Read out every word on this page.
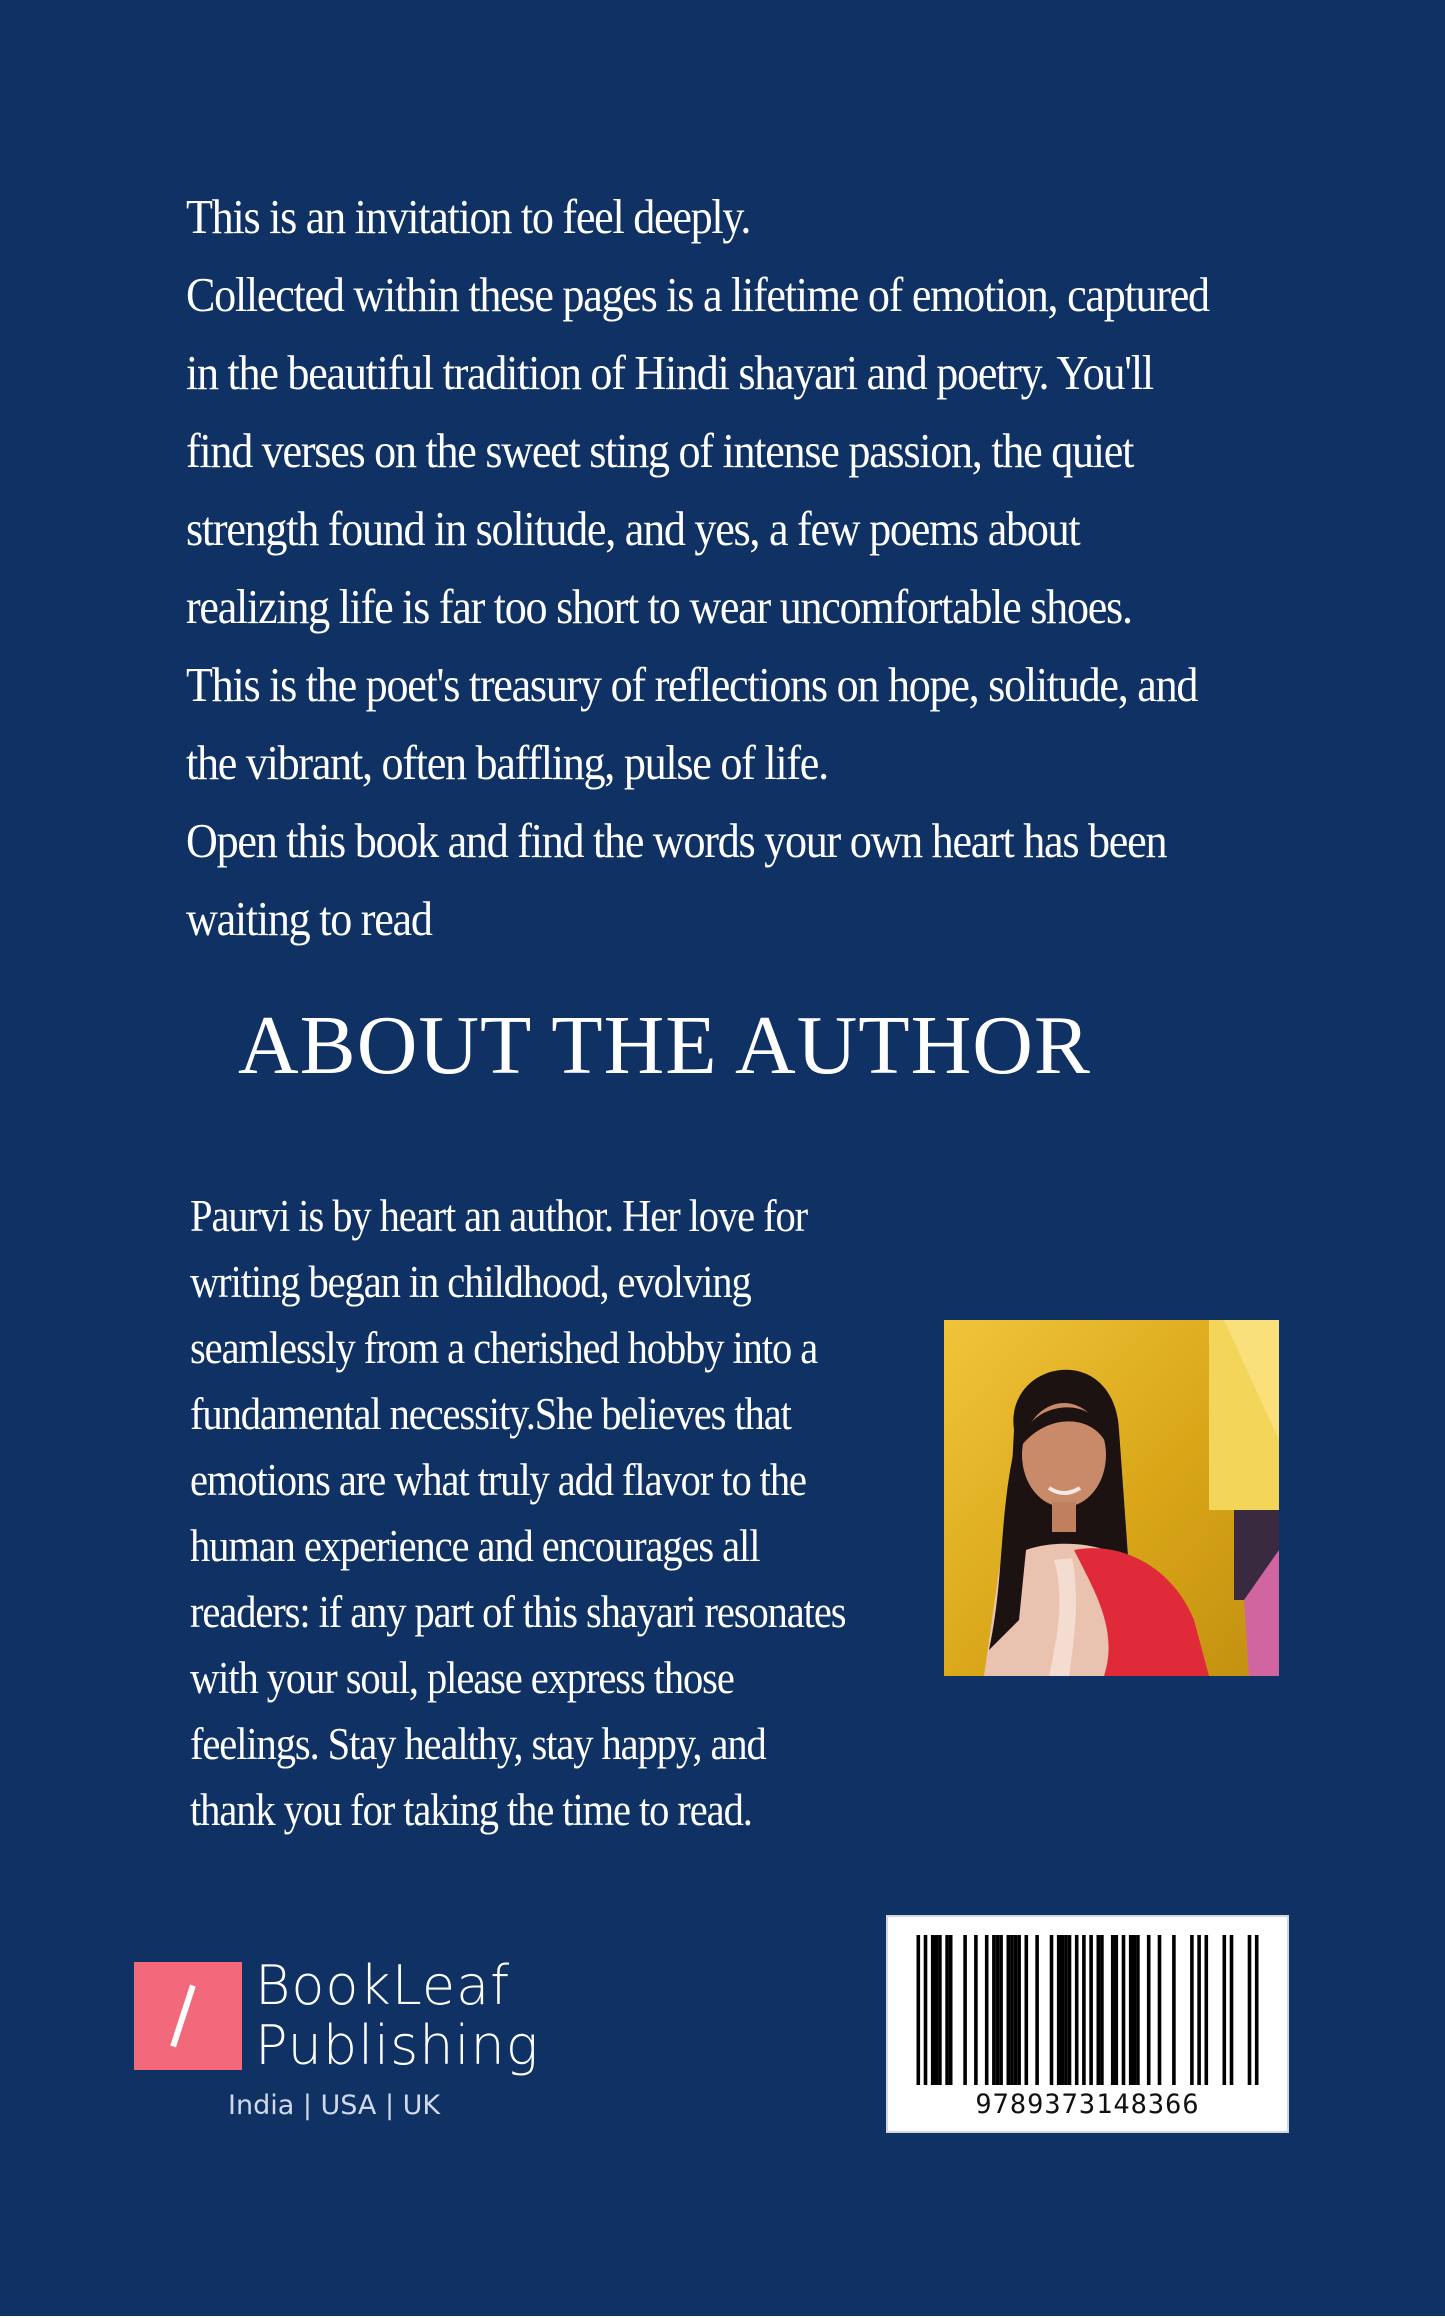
This is an invitation to feel deeply.

Collected within these pages is a lifetime of emotion, captured

in the beautiful tradition of Hindi shayari and poetry. You'll

find verses on the sweet sting of intense passion, the quiet

strength found in solitude, and yes, a few poems about

realizing life is far too short to wear uncomfortable shoes.

This is the poet's treasury of reflections on hope, solitude, and

the vibrant, often baffling, pulse of life.

Open this book and find the words your own heart has been

waiting to read

ABOUT THE AUTHOR

Paurvi is by heart an author. Her love for

writing began in childhood, evolving

seamlessly from a cherished hobby into a

fundamental necessity.She believes that

emotions are what truly add flavor to the

human experience and encourages all

readers: if any part of this shayari resonates

with your soul, please express those

feelings. Stay healthy, stay happy, and

thank you for taking the time to read.

BookLeaf
Publishing
India | USA | UK	9789373148366
